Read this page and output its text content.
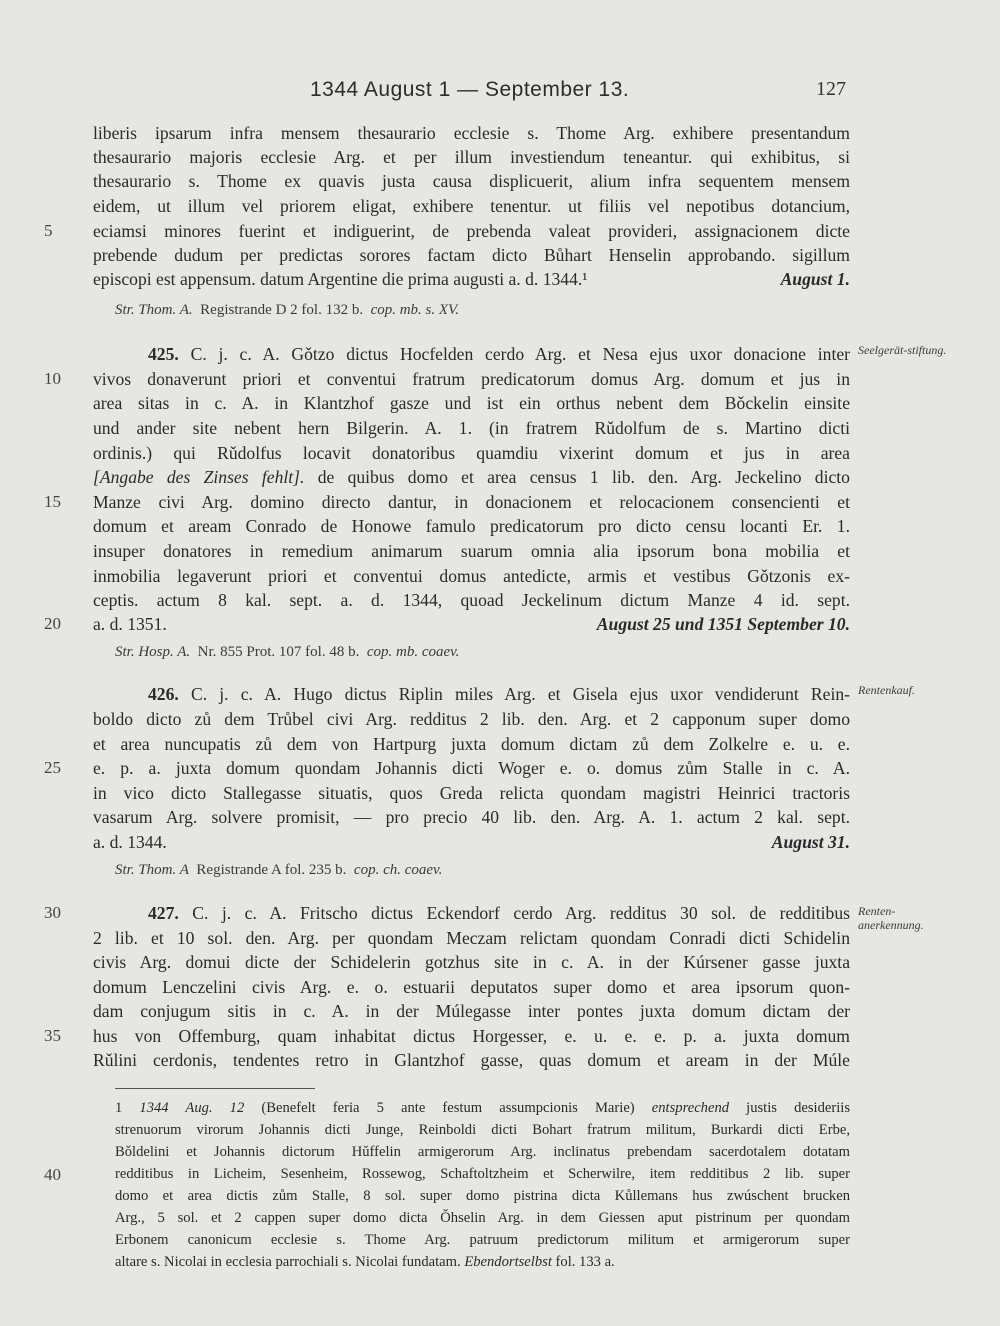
1344 August 1 — September 13.	127
liberis ipsarum infra mensem thesaurario ecclesie s. Thome Arg. exhibere presentandum
thesaurario majoris ecclesie Arg. et per illum investiendum teneantur. qui exhibitus, si
thesaurario s. Thome ex quavis justa causa displicuerit, alium infra sequentem mensem
eidem, ut illum vel priorem eligat, exhibere tenentur. ut filiis vel nepotibus dotancium,
eciamsi minores fuerint et indiguerint, de prebenda valeat provideri, assignacionem dicte
prebende dudum per predictas sorores factam dicto Bůhart Henselin approbando. sigillum
episcopi est appensum. datum Argentine die prima augusti a. d. 1344.¹	August 1.
Str. Thom. A. Registrande D 2 fol. 132 b. cop. mb. s. XV.
425. C. j. c. A. Gǒtzo dictus Hocfelden cerdo Arg. et Nesa ejus uxor donacione inter
vivos donaverunt priori et conventui fratrum predicatorum domus Arg. domum et jus in
area sitas in c. A. in Klantzhof gasze und ist ein orthus nebent dem Bǒckelin einsite
und ander site nebent hern Bilgerin. A. 1. (in fratrem Rǔdolfum de s. Martino dicti
ordinis.) qui Rǔdolfus locavit donatoribus quamdiu vixerint domum et jus in area
[Angabe des Zinses fehlt]. de quibus domo et area census 1 lib. den. Arg. Jeckelino dicto
Manze civi Arg. domino directo dantur, in donacionem et relocacionem consencienti et
domum et aream Conrado de Honowe famulo predicatorum pro dicto censu locanti Er. 1.
insuper donatores in remedium animarum suarum omnia alia ipsorum bona mobilia et
inmobilia legaverunt priori et conventui domus antedicte, armis et vestibus Gǒtzonis ex-
ceptis. actum 8 kal. sept. a. d. 1344, quoad Jeckelinum dictum Manze 4 id. sept.
a. d. 1351.	August 25 und 1351 September 10.
Str. Hosp. A. Nr. 855 Prot. 107 fol. 48 b. cop. mb. coaev.
Seelgerät-stiftung.
426. C. j. c. A. Hugo dictus Riplin miles Arg. et Gisela ejus uxor vendiderunt Rein-
boldo dicto zů dem Trůbel civi Arg. redditus 2 lib. den. Arg. et 2 capponum super domo
et area nuncupatis zů dem von Hartpurg juxta domum dictam zů dem Zolkelre e. u. e.
e. p. a. juxta domum quondam Johannis dicti Woger e. o. domus zům Stalle in c. A.
in vico dicto Stallegasse situatis, quos Greda relicta quondam magistri Heinrici tractoris
vasarum Arg. solvere promisit, — pro precio 40 lib. den. Arg. A. 1. actum 2 kal. sept.
a. d. 1344.	August 31.
Str. Thom. A Registrande A fol. 235 b. cop. ch. coaev.
Rentenkauf.
427. C. j. c. A. Fritscho dictus Eckendorf cerdo Arg. redditus 30 sol. de redditibus
2 lib. et 10 sol. den. Arg. per quondam Meczam relictam quondam Conradi dicti Schidelin
civis Arg. domui dicte der Schidelerin gotzhus site in c. A. in der Kúrsener gasse juxta
domum Lenczelini civis Arg. e. o. estuarii deputatos super domo et area ipsorum quon-
dam conjugum sitis in c. A. in der Múlegasse inter pontes juxta domum dictam der
hus von Offemburg, quam inhabitat dictus Horgesser, e. u. e. e. p. a. juxta domum
Rǔlini cerdonis, tendentes retro in Glantzhof gasse, quas domum et aream in der Múle
Renten-anerkennung.
1 1344 Aug. 12 (Benefelt feria 5 ante festum assumpcionis Marie) entsprechend justis desideriis
strenuorum virorum Johannis dicti Junge, Reinboldi dicti Bohart fratrum militum, Burkardi dicti Erbe,
Bǒldelini et Johannis dictorum Hǔffelin armigerorum Arg. inclinatus prebendam sacerdotalem dotatam
redditibus in Licheim, Sesenheim, Rossewog, Schaftoltzheim et Scherwilre, item redditibus 2 lib. super
domo et area dictis zům Stalle, 8 sol. super domo pistrina dicta Kůllemans hus zwúschent brucken
Arg., 5 sol. et 2 cappen super domo dicta Ǒhselin Arg. in dem Giessen aput pistrinum per quondam
Erbonem canonicum ecclesie s. Thome Arg. patruum predictorum militum et armigerorum super
altare s. Nicolai in ecclesia parrochiali s. Nicolai fundatam. Ebendortselbst fol. 133 a.
5
10
15
20
25
30
35
40
